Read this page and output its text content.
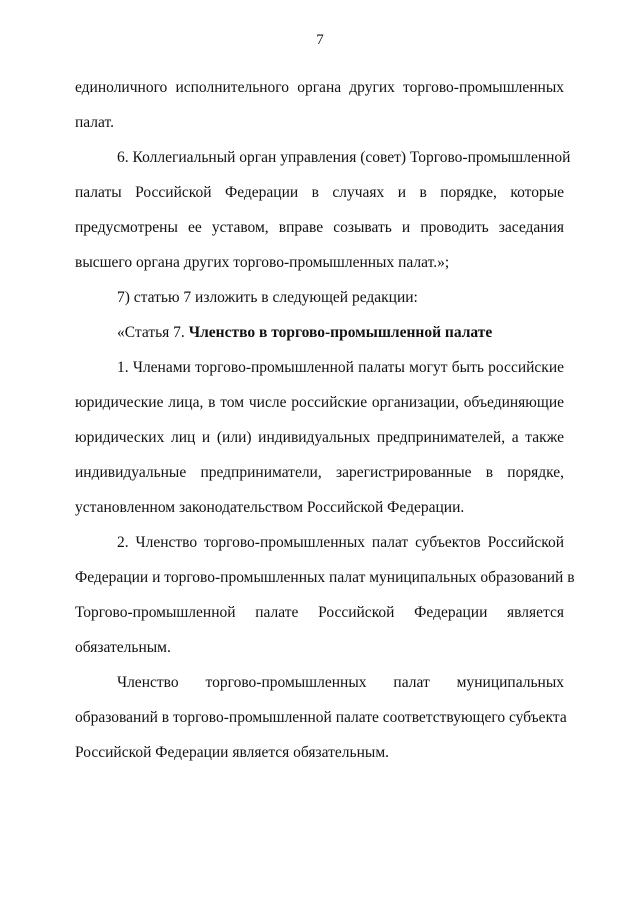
7

единоличного исполнительного органа других торгово-промышленных
палат.

6. Коллегиальный орган управления (совет) Торгово-промышленной
палаты Российской Федерации в случаях и в порядке, которые
предусмотрены ее уставом, вправе созывать и проводить заседания
высшего органа других торгово-промышленных палат.»;

7) статью 7 изложить в следующей редакции:

«Статья 7. Членство в торгово-промышленной палате

1. Членами торгово-промышленной палаты могут быть российские
юридические лица, в том числе российские организации, объединяющие
юридических лиц и (или) индивидуальных предпринимателей, а также
индивидуальные предприниматели, зарегистрированные в порядке,
установленном законодательством Российской Федерации.

2. Членство торгово-промышленных палат субъектов Российской
Федерации и торгово-промышленных палат муниципальных образований в
Торгово-промышленной палате Российской Федерации является
обязательным.

Членство торгово-промышленных палат муниципальных
образований в торгово-промышленной палате соответствующего субъекта
Российской Федерации является обязательным.
